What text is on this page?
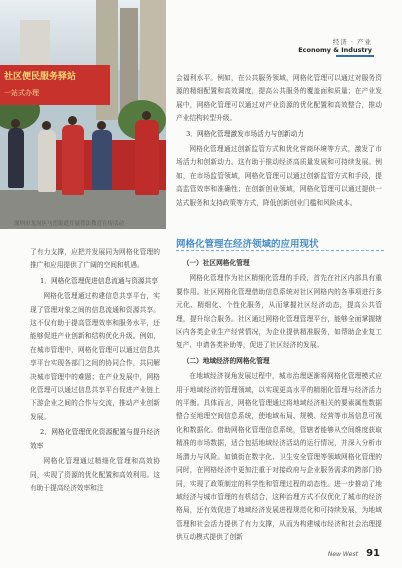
社区便民服务驿站
一站式办理
深圳市龙岗区马峦街道开展普法教育宣传活动
经济 · 产业
Economy & Industry

了有力支撑，应把并发展同为网格化管理的推广和应用提供了广阔的空间和机遇。

1．网格化管理促进信息流通与资源共享

网格化管理通过构建信息共享平台，实现了管理对象之间的信息流通和资源共享。这不仅有助于提高管理效率和服务水平，还能够促进产业创新和结构优化升级。例如，在城市管理中，网格化管理可以通过信息共享平台实现各部门之间的协同合作，共同解决城市管理中的难题；在产业发展中，网格化管理可以通过信息共享平台促进产业链上下游企业之间的合作与交流，推动产业创新发展。

2．网格化管理优化资源配置与提升经济效率

网格化管理通过精细化管理和高效协同，实现了资源的优化配置和高效利用。这有助于提高经济效率和注

会福利水平。例如，在公共服务领域，网格化管理可以通过对服务资源的精细配置和高效调度，提高公共服务的覆盖面和质量；在产业发展中，网格化管理可以通过对产业资源的优化配置和高效整合，推动产业结构转型升级。

3．网格化管理激发市场活力与创新动力

网格化管理通过创新监管方式和优化营商环境等方式，激发了市场活力和创新动力。这有助于推动经济高质量发展和可持续发展。例如，在市场监管领域，网格化管理可以通过创新监管方式和手段，提高监管效率和准确性；在创新创业领域，网格化管理可以通过提供一站式服务和支持政策等方式，降低创新创业门槛和风险成本。

网格化管理在经济领域的应用现状
（一）社区网格化管理

网格化管理作为社区精细化管理的手段，首先在社区内部具有重要作用。社区网格化管理借助信息系统对社区网格内的各事项进行多元化、精细化、个性化服务，从而掌握社区经济动态，提高公共管理，提升综合服务。社区通过网格化管理管理平台，能够全面掌握辖区内各类企业生产经营情况，为企业提供精准服务，如帮助企业复工复产、申请各类补助等，促进了社区经济的发展。

（二）地域经济的网格化管理

在地域经济视角发展过程中，城市治理逐渐将网格化管理模式应用于地域经济的管理领域，以实现更高水平的精细化管理与经济活力的平衡。具体而言，网格化管理通过将地域经济相关的要素属性数据整合至地理空间信息系统，使地域布局、规模、经营等市场信息可视化和数据化。借助网格化管理信息系统，管辖者能够从空间维度获取精准的市场数据，适合包括地域经济活动的运行情况，并深入分析市场潜力与风险。如镇街在数字化、卫生安全管理等领域网格化管理的同时，在网格经济中更加注重于对接政府与企业服务需求的跨部门协同，实现了政策制定的科学性和管理过程的动态性。进一步推动了地域经济与城市管理的有机结合，这种治理方式不仅优化了城市的经济格局，还有效促进了地域经济发展进程规范化和可持续发展，为地域管理和社会活力提供了有力支撑，从而为构建城市经济和社会治理提供互动模式提供了创新

New West 91
